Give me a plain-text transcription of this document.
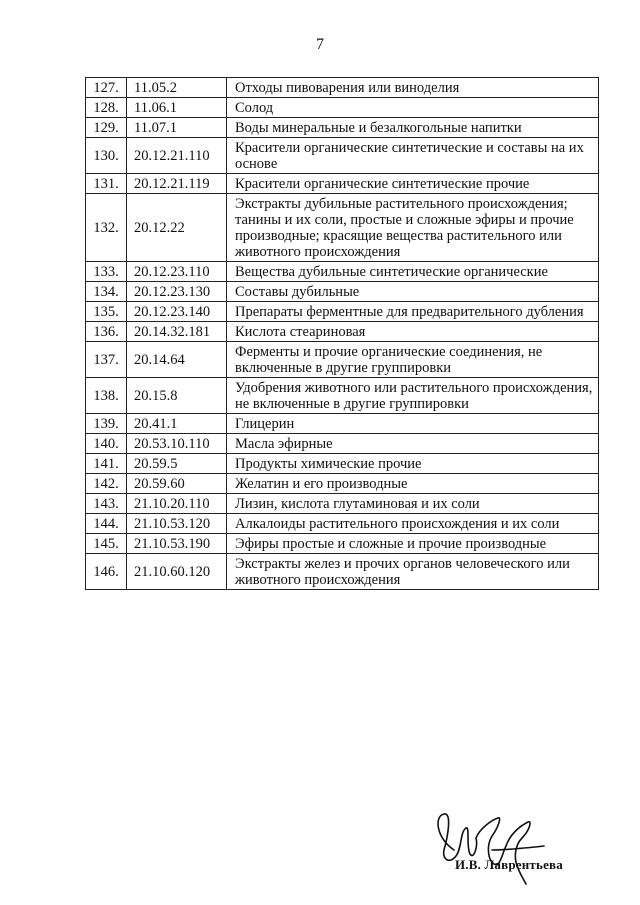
7
127.	11.05.2	Отходы пивоварения или виноделия
128.	11.06.1	Солод
129.	11.07.1	Воды минеральные и безалкогольные напитки
130.	20.12.21.110	Красители органические синтетические и составы на их основе
131.	20.12.21.119	Красители органические синтетические прочие
132.	20.12.22	Экстракты дубильные растительного происхождения; танины и их соли, простые и сложные эфиры и прочие производные; красящие вещества растительного или животного происхождения
133.	20.12.23.110	Вещества дубильные синтетические органические
134.	20.12.23.130	Составы дубильные
135.	20.12.23.140	Препараты ферментные для предварительного дубления
136.	20.14.32.181	Кислота стеариновая
137.	20.14.64	Ферменты и прочие органические соединения, не включенные в другие группировки
138.	20.15.8	Удобрения животного или растительного происхождения, не включенные в другие группировки
139.	20.41.1	Глицерин
140.	20.53.10.110	Масла эфирные
141.	20.59.5	Продукты химические прочие
142.	20.59.60	Желатин и его производные
143.	21.10.20.110	Лизин, кислота глутаминовая и их соли
144.	21.10.53.120	Алкалоиды растительного происхождения и их соли
145.	21.10.53.190	Эфиры простые и сложные и прочие производные
146.	21.10.60.120	Экстракты желез и прочих органов человеческого или животного происхождения
И.В. Лаврентьева
